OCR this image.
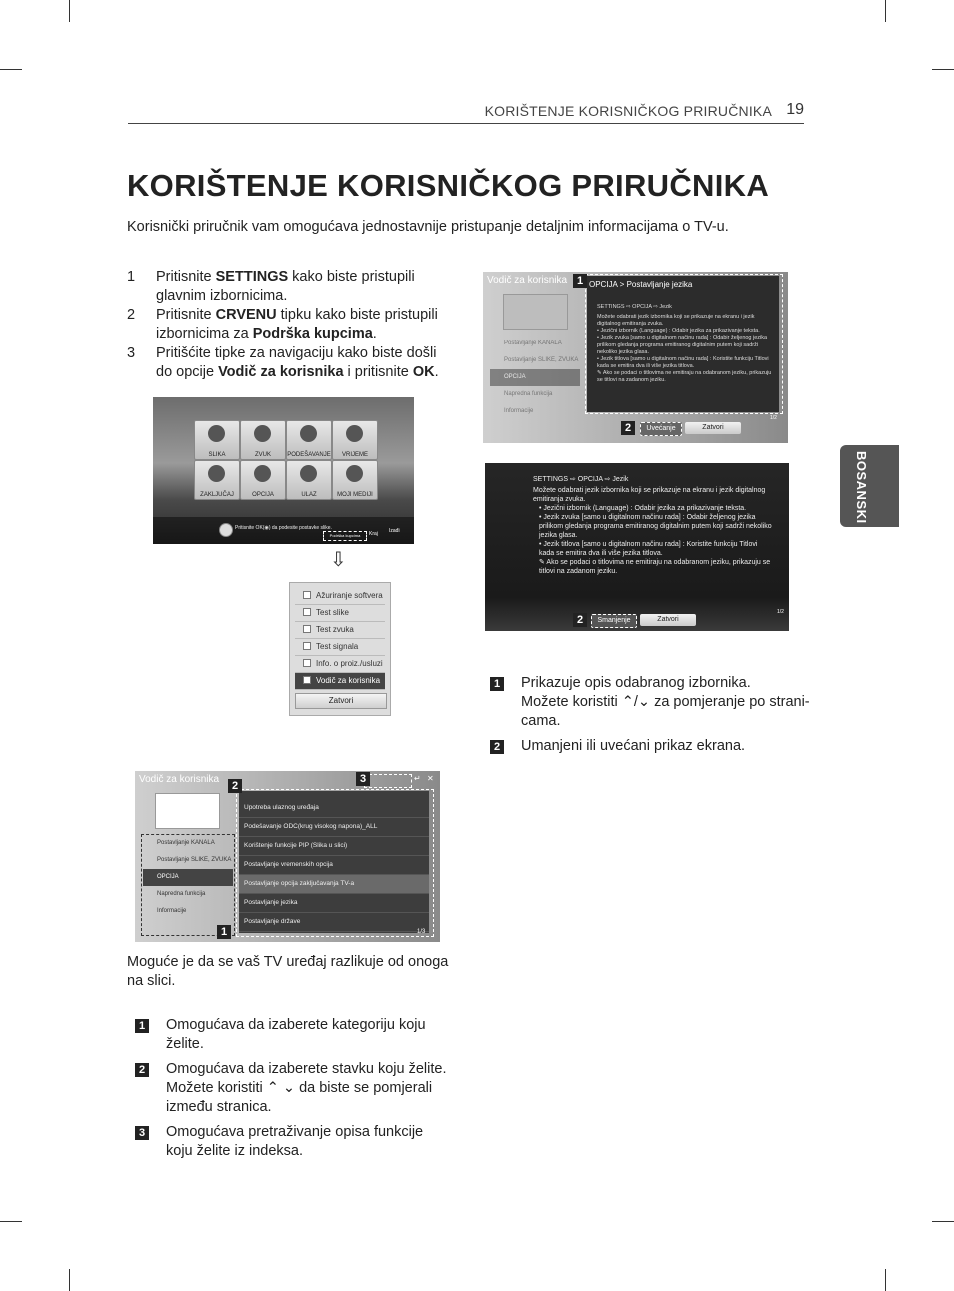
KORIŠTENJE KORISNIČKOG PRIRUČNIKA 19
KORIŠTENJE KORISNIČKOG PRIRUČNIKA
Korisnički priručnik vam omogućava jednostavnije pristupanje detaljnim informacijama o TV-u.
BOSANSKI
1 Pritisnite SETTINGS kako biste pristupili glavnim izbornicima.
2 Pritisnite CRVENU tipku kako biste pristupili izbornicima za Podrška kupcima.
3 Pritišćite tipke za navigaciju kako biste došli do opcije Vodič za korisnika i pritisnite OK.
SLIKA	ZVUK	PODEŠAVANJE	VRIJEME
ZAKLJUČAJ	OPCIJA	ULAZ	MOJI MEDIJI
Pritisnite OK(◉) da podesite postavke slike.
Podrška kupcima	Kraj Izađi
⇩
Ažuriranje softvera
Test slike
Test zvuka
Test signala
Info. o proiz./usluzi
Vodič za korisnika
Zatvori
Vodič za korisnika
Postavljanje KANALA
Postavljanje SLIKE, ZVUKA
OPCIJA
Napredna funkcija
Informacije
Upotreba ulaznog uređaja
Podešavanje ODC(krug visokog napona)_ALL
Korištenje funkcije PIP (Slika u slici)
Postavljanje vremenskih opcija
Postavljanje opcija zaključavanja TV-a
Postavljanje jezika
Postavljanje države
↵ ✕
1/3
2
3
1
Moguće je da se vaš TV uređaj razlikuje od onoga na slici.
1	Omogućava da izaberete kategoriju koju želite.
2	Omogućava da izaberete stavku koju želite.
Možete koristiti ⌃ ⌄ da biste se pomjerali između stranica.
3	Omogućava pretraživanje opisa funkcije koju želite iz indeksa.
Vodič za korisnika
Postavljanje KANALA
Postavljanje SLIKE, ZVUKA
OPCIJA
Napredna funkcija
Informacije
OPCIJA > Postavljanje jezika
SETTINGS ⇨ OPCIJA ⇨ Jezik
Možete odabrati jezik izbornika koji se prikazuje na ekranu i jezik digitalnog emitiranja zvuka.
• Jezični izbornik (Language) : Odabir jezika za prikazivanje teksta.
• Jezik zvuka [samo u digitalnom načinu rada] : Odabir željenog jezika prilikom gledanja programa emitiranog digitalnim putem koji sadrži nekoliko jezika glasa.
• Jezik titlova [samo u digitalnom načinu rada] : Koristite funkciju Titlovi kada se emitira dva ili više jezika titlova.
✎ Ako se podaci o titlovima ne emitiraju na odabranom jeziku, prikazuju se titlovi na zadanom jeziku.
Uvećanje	Zatvori
1/2
1
2
SETTINGS ⇨ OPCIJA ⇨ Jezik
Možete odabrati jezik izbornika koji se prikazuje na ekranu i jezik digitalnog emitiranja zvuka.
• Jezični izbornik (Language) : Odabir jezika za prikazivanje teksta.
• Jezik zvuka [samo u digitalnom načinu rada] : Odabir željenog jezika prilikom gledanja programa emitiranog digitalnim putem koji sadrži nekoliko jezika glasa.
• Jezik titlova [samo u digitalnom načinu rada] : Koristite funkciju Titlovi kada se emitira dva ili više jezika titlova.
✎ Ako se podaci o titlovima ne emitiraju na odabranom jeziku, prikazuju se titlovi na zadanom jeziku.
Smanjenje	Zatvori
1/2
2
1	Prikazuje opis odabranog izbornika.
Možete koristiti ⌃/⌄ za pomjeranje po strani-cama.
2	Umanjeni ili uvećani prikaz ekrana.
